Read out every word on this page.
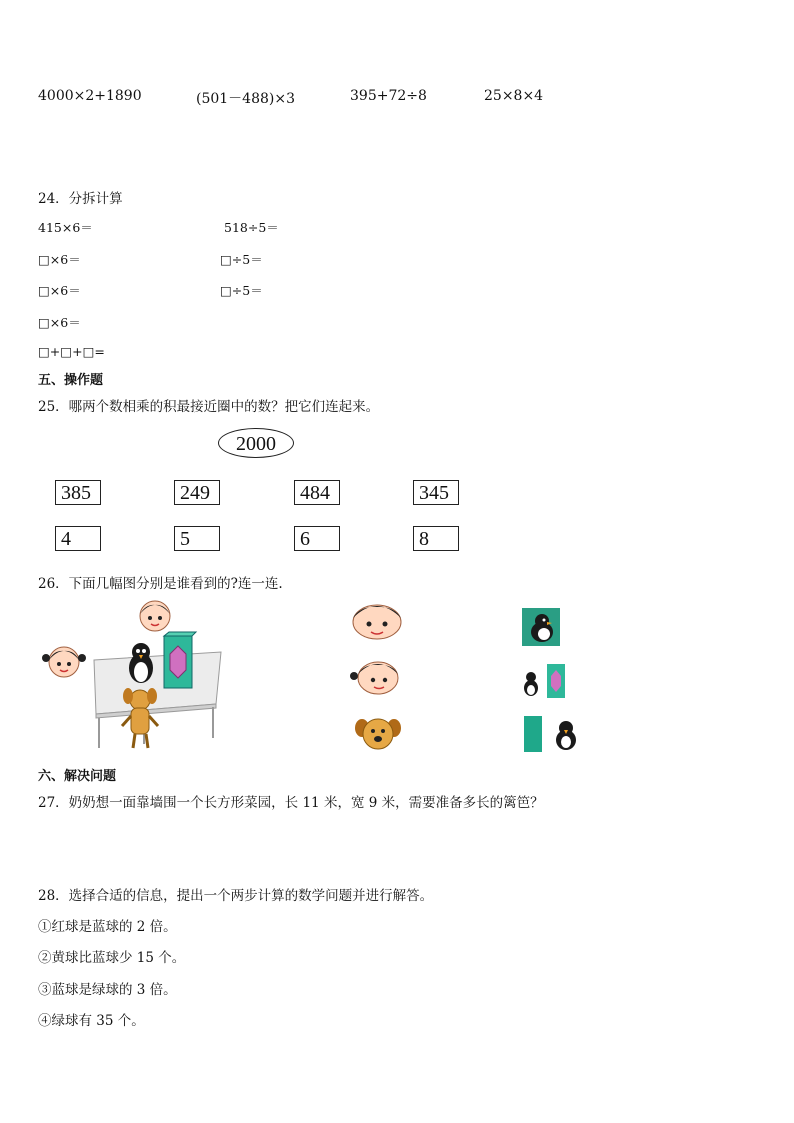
4000×2+1890	(501－488)×3	395+72÷8	25×8×4
24．分拆计算
415×6＝
□×6＝
□×6＝
□×6＝
□+□+□=
518÷5＝
□÷5＝
□÷5＝
五、操作题
25．哪两个数相乘的积最接近圈中的数？把它们连起来。
2000
385	249	484	345
4	5	6	8
26．下面几幅图分别是谁看到的?连一连.
六、解决问题
27．奶奶想一面靠墙围一个长方形菜园，长 11 米，宽 9 米，需要准备多长的篱笆？
28．选择合适的信息，提出一个两步计算的数学问题并进行解答。
①红球是蓝球的 2 倍。
②黄球比蓝球少 15 个。
③蓝球是绿球的 3 倍。
④绿球有 35 个。
